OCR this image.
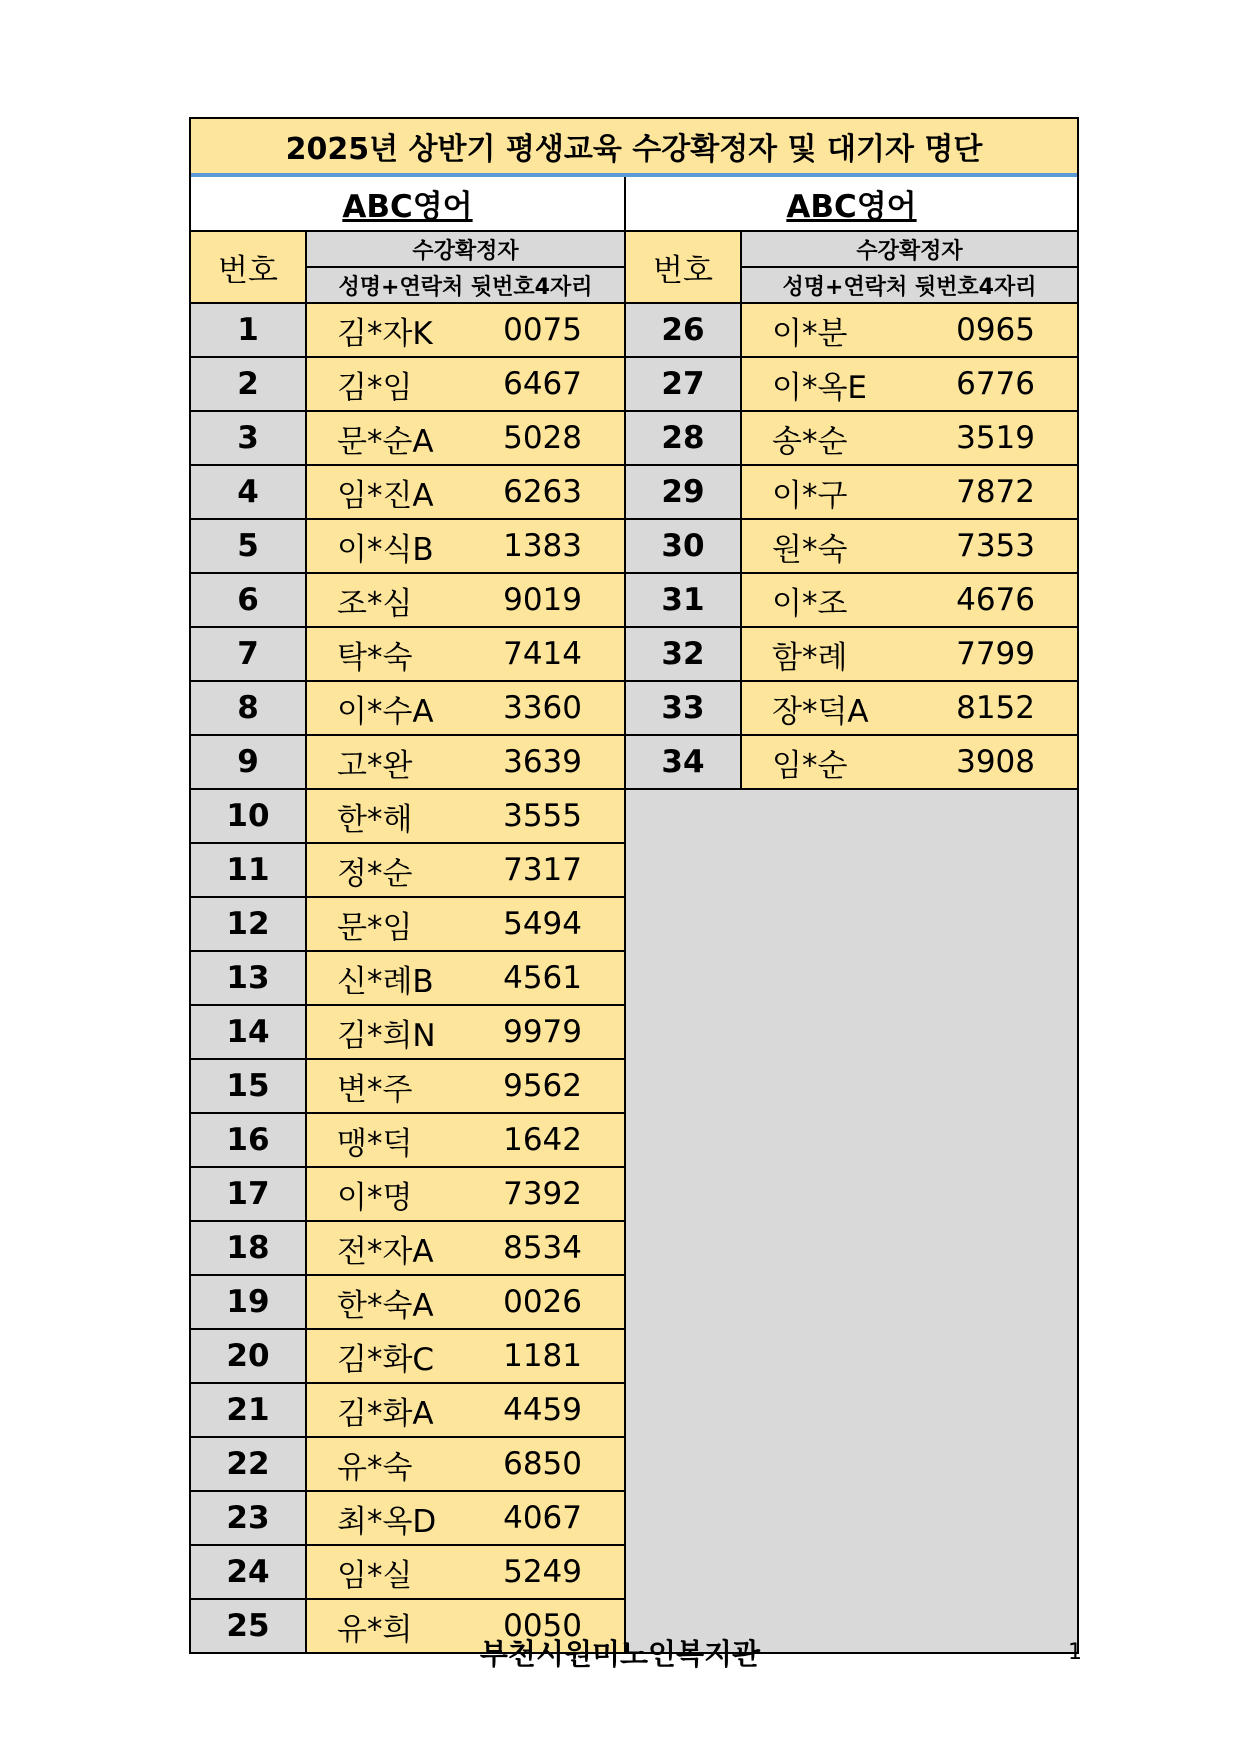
2025년 상반기 평생교육 수강확정자 및 대기자 명단
ABC영어	ABC영어
번호
수강확정자
성명+연락처 뒷번호4자리
1	김*자K 0075
2	김*임	6467
3	문*순A 5028
4	임*진A 6263
5	이*식B 1383
6	조*심	9019
7	탁*숙	7414
8	이*수A 3360
9	고*완	3639
10	한*해	3555
11	정*순	7317
12	문*임	5494
13	신*례B 4561
14	김*희N 9979
15	변*주	9562
16	맹*덕	1642
17	이*명	7392
18	전*자A 8534
19	한*숙A 0026
20	김*화C 1181
21	김*화A 4459
22	유*숙	6850
23	최*옥D 4067
24	임*실	5249
25	유*희	0050
번호
수강확정자
성명+연락처 뒷번호4자리
26	이*분	0965
27	이*옥E	6776
28	송*순	3519
29	이*구	7872
30	원*숙	7353
31	이*조	4676
32	함*례	7799
33	장*덕A	8152
34	임*순	3908
부천시원미노인복지관	1
